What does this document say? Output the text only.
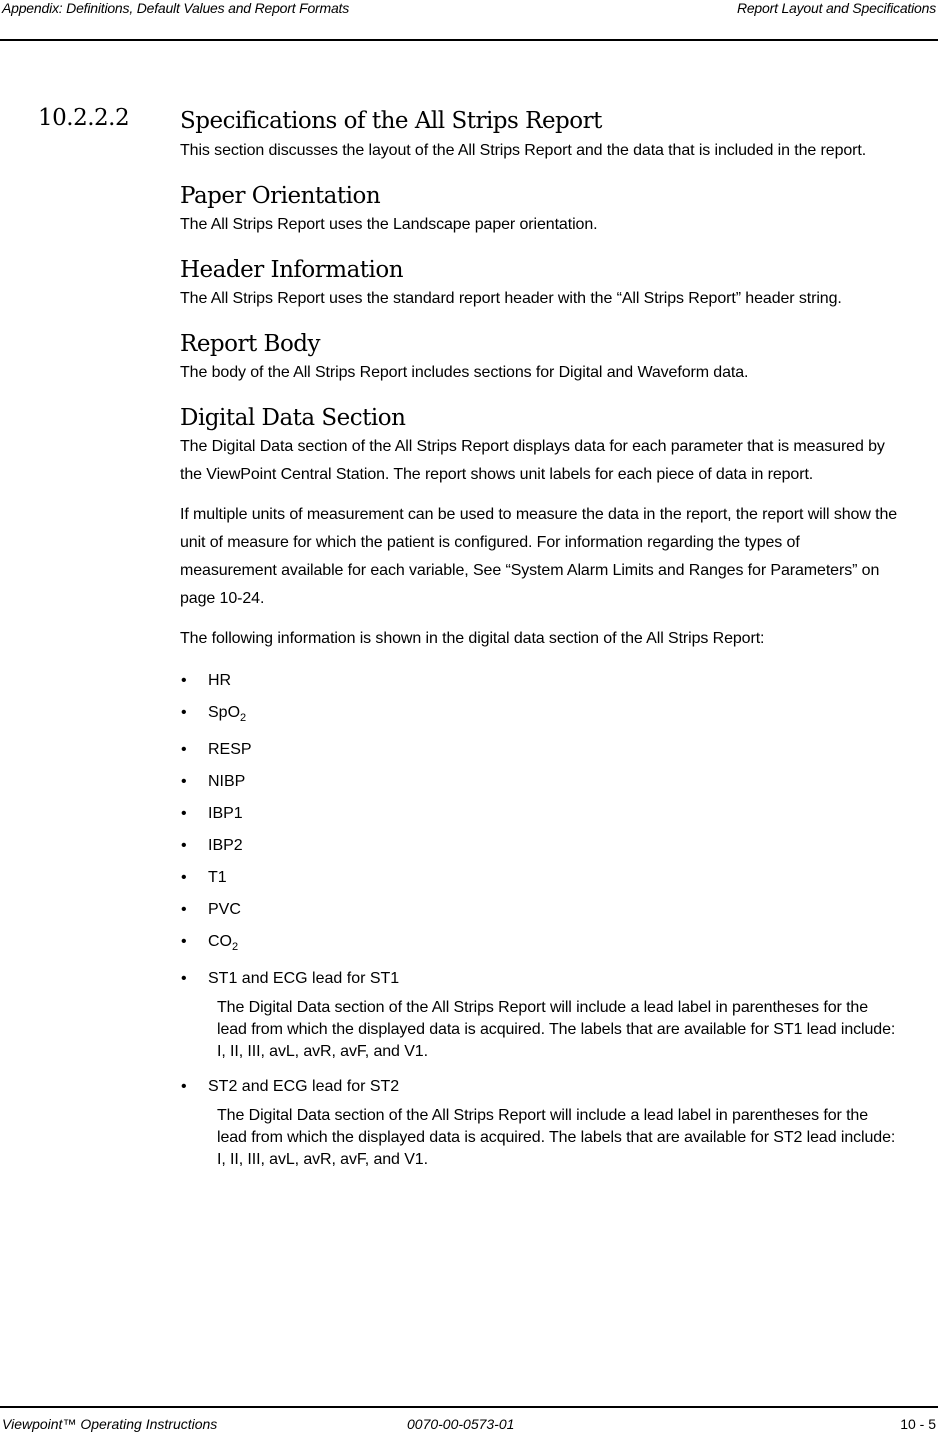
Appendix: Definitions, Default Values and Report Formats	Report Layout and Specifications
10.2.2.2 Specifications of the All Strips Report

This section discusses the layout of the All Strips Report and the data that is included in the report.

Paper Orientation

The All Strips Report uses the Landscape paper orientation.

Header Information

The All Strips Report uses the standard report header with the “All Strips Report” header string.

Report Body

The body of the All Strips Report includes sections for Digital and Waveform data.

Digital Data Section

The Digital Data section of the All Strips Report displays data for each parameter that is measured by the ViewPoint Central Station. The report shows unit labels for each piece of data in report.

If multiple units of measurement can be used to measure the data in the report, the report will show the unit of measure for which the patient is configured. For information regarding the types of measurement available for each variable, See “System Alarm Limits and Ranges for Parameters” on page 10-24.

The following information is shown in the digital data section of the All Strips Report:

• HR
• SpO$_2$
• RESP
• NIBP
• IBP1
• IBP2
• T1
• PVC
• $CO_2$
• ST1 and ECG lead for ST1

The Digital Data section of the All Strips Report will include a lead label in parentheses for the lead from which the displayed data is acquired. The labels that are available for ST1 lead include: I, II, III, avL, avR, avF, and V1.

• ST2 and ECG lead for ST2

The Digital Data section of the All Strips Report will include a lead label in parentheses for the lead from which the displayed data is acquired. The labels that are available for ST2 lead include: I, II, III, avL, avR, avF, and V1.

Viewpoint™ Operating Instructions	0070-00-0573-01	10 - 5
